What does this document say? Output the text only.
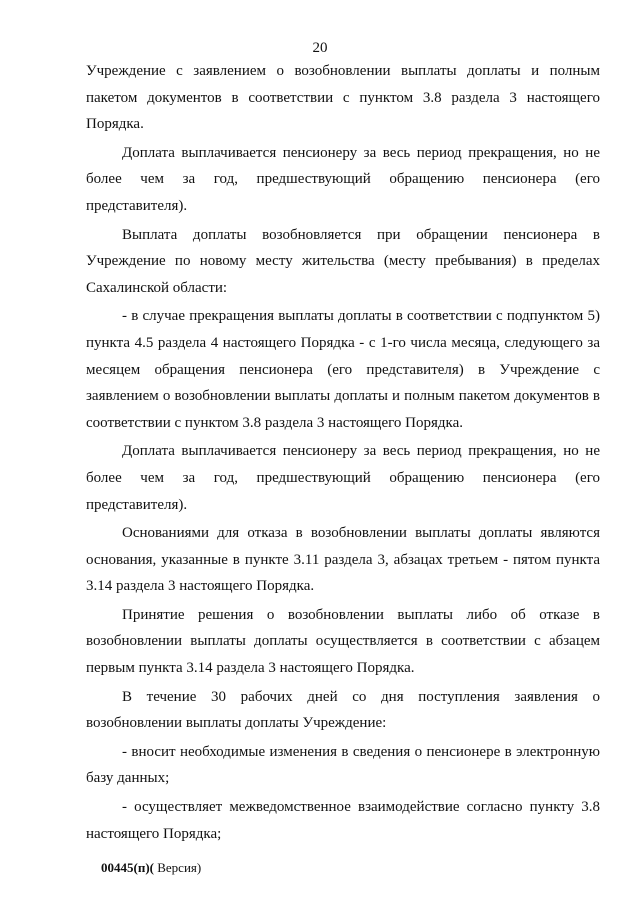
20

Учреждение с заявлением о возобновлении выплаты доплаты и полным пакетом документов в соответствии с пунктом 3.8 раздела 3 настоящего Порядка.

Доплата выплачивается пенсионеру за весь период прекращения, но не более чем за год, предшествующий обращению пенсионера (его представителя).

Выплата доплаты возобновляется при обращении пенсионера в Учреждение по новому месту жительства (месту пребывания) в пределах Сахалинской области:

- в случае прекращения выплаты доплаты в соответствии с подпунктом 5) пункта 4.5 раздела 4 настоящего Порядка - с 1-го числа месяца, следующего за месяцем обращения пенсионера (его представителя) в Учреждение с заявлением о возобновлении выплаты доплаты и полным пакетом документов в соответствии с пунктом 3.8 раздела 3 настоящего Порядка.

Доплата выплачивается пенсионеру за весь период прекращения, но не более чем за год, предшествующий обращению пенсионера (его представителя).

Основаниями для отказа в возобновлении выплаты доплаты являются основания, указанные в пункте 3.11 раздела 3, абзацах третьем - пятом пункта 3.14 раздела 3 настоящего Порядка.

Принятие решения о возобновлении выплаты либо об отказе в возобновлении выплаты доплаты осуществляется в соответствии с абзацем первым пункта 3.14 раздела 3 настоящего Порядка.

В течение 30 рабочих дней со дня поступления заявления о возобновлении выплаты доплаты Учреждение:

- вносит необходимые изменения в сведения о пенсионере в электронную базу данных;

- осуществляет межведомственное взаимодействие согласно пункту 3.8 настоящего Порядка;

00445(п)( Версия)
